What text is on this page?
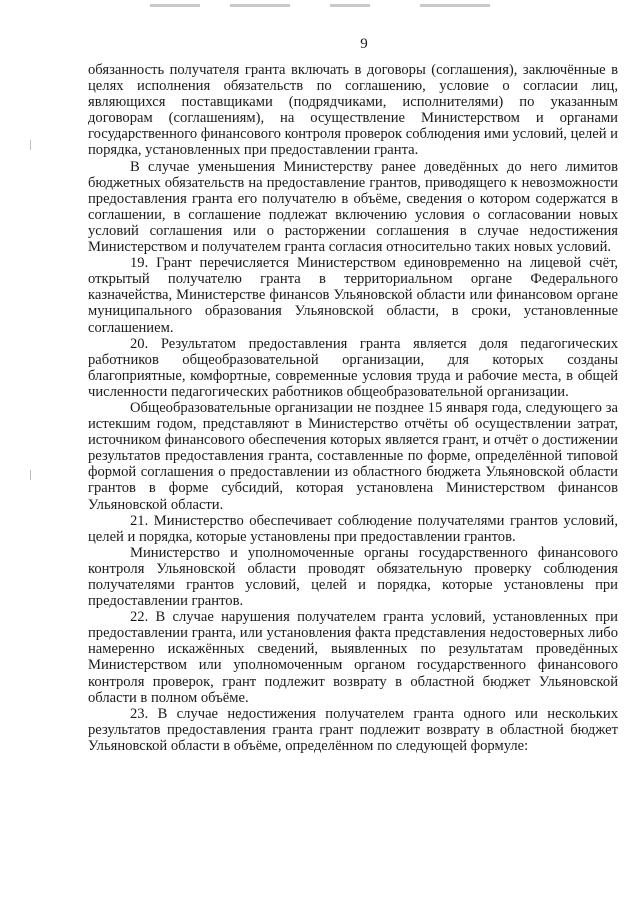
9

обязанность получателя гранта включать в договоры (соглашения), заключённые в целях исполнения обязательств по соглашению, условие о согласии лиц, являющихся поставщиками (подрядчиками, исполнителями) по указанным договорам (соглашениям), на осуществление Министерством и органами государственного финансового контроля проверок соблюдения ими условий, целей и порядка, установленных при предоставлении гранта.

В случае уменьшения Министерству ранее доведённых до него лимитов бюджетных обязательств на предоставление грантов, приводящего к невозможности предоставления гранта его получателю в объёме, сведения о котором содержатся в соглашении, в соглашение подлежат включению условия о согласовании новых условий соглашения или о расторжении соглашения в случае недостижения Министерством и получателем гранта согласия относительно таких новых условий.

19. Грант перечисляется Министерством единовременно на лицевой счёт, открытый получателю гранта в территориальном органе Федерального казначейства, Министерстве финансов Ульяновской области или финансовом органе муниципального образования Ульяновской области, в сроки, установленные соглашением.

20. Результатом предоставления гранта является доля педагогических работников общеобразовательной организации, для которых созданы благоприятные, комфортные, современные условия труда и рабочие места, в общей численности педагогических работников общеобразовательной организации.

Общеобразовательные организации не позднее 15 января года, следующего за истекшим годом, представляют в Министерство отчёты об осуществлении затрат, источником финансового обеспечения которых является грант, и отчёт о достижении результатов предоставления гранта, составленные по форме, определённой типовой формой соглашения о предоставлении из областного бюджета Ульяновской области грантов в форме субсидий, которая установлена Министерством финансов Ульяновской области.

21. Министерство обеспечивает соблюдение получателями грантов условий, целей и порядка, которые установлены при предоставлении грантов.

Министерство и уполномоченные органы государственного финансового контроля Ульяновской области проводят обязательную проверку соблюдения получателями грантов условий, целей и порядка, которые установлены при предоставлении грантов.

22. В случае нарушения получателем гранта условий, установленных при предоставлении гранта, или установления факта представления недостоверных либо намеренно искажённых сведений, выявленных по результатам проведённых Министерством или уполномоченным органом государственного финансового контроля проверок, грант подлежит возврату в областной бюджет Ульяновской области в полном объёме.

23. В случае недостижения получателем гранта одного или нескольких результатов предоставления гранта грант подлежит возврату в областной бюджет Ульяновской области в объёме, определённом по следующей формуле:
